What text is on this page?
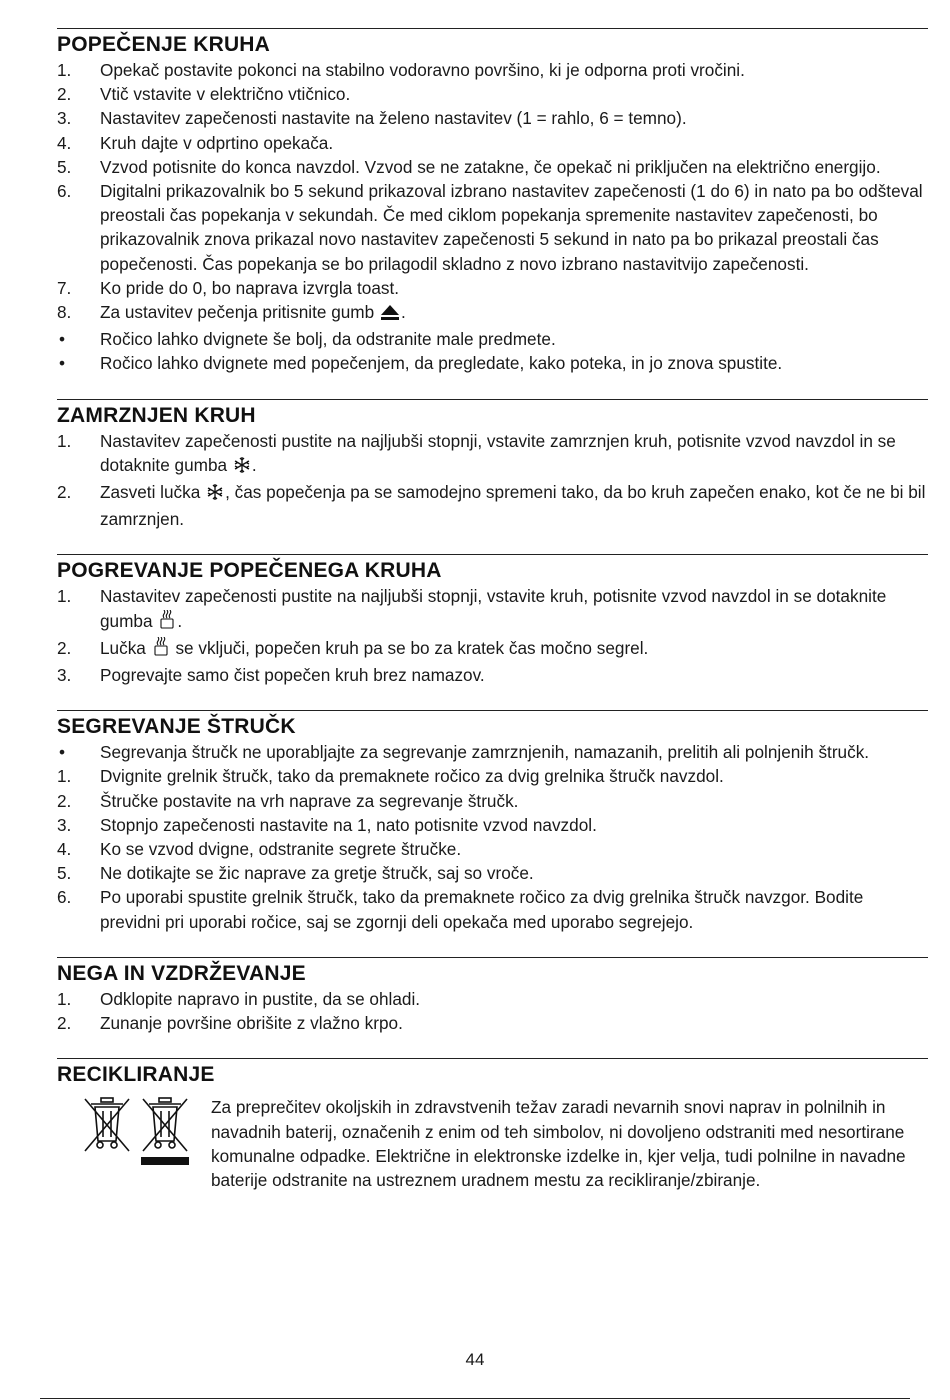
POPEČENJE KRUHA
1.	Opekač postavite pokonci na stabilno vodoravno površino, ki je odporna proti vročini.
2.	Vtič vstavite v električno vtičnico.
3.	Nastavitev zapečenosti nastavite na želeno nastavitev (1 = rahlo, 6 = temno).
4.	Kruh dajte v odprtino opekača.
5.	Vzvod potisnite do konca navzdol. Vzvod se ne zatakne, če opekač ni priključen na električno energijo.
6.	Digitalni prikazovalnik bo 5 sekund prikazoval izbrano nastavitev zapečenosti (1 do 6) in nato pa bo odšteval preostali čas popekanja v sekundah. Če med ciklom popekanja spremenite nastavitev zapečenosti, bo prikazovalnik znova prikazal novo nastavitev zapečenosti 5 sekund in nato pa bo prikazal preostali čas popečenosti. Čas popekanja se bo prilagodil skladno z novo izbrano nastavitvijo zapečenosti.
7.	Ko pride do 0, bo naprava izvrgla toast.
8.	Za ustavitev pečenja pritisnite gumb .
•	Ročico lahko dvignete še bolj, da odstranite male predmete.
•	Ročico lahko dvignete med popečenjem, da pregledate, kako poteka, in jo znova spustite.
ZAMRZNJEN KRUH
1.	Nastavitev zapečenosti pustite na najljubši stopnji, vstavite zamrznjen kruh, potisnite vzvod navzdol in se dotaknite gumba .
2.	Zasveti lučka , čas popečenja pa se samodejno spremeni tako, da bo kruh zapečen enako, kot če ne bi bil zamrznjen.
POGREVANJE POPEČENEGA KRUHA
1.	Nastavitev zapečenosti pustite na najljubši stopnji, vstavite kruh, potisnite vzvod navzdol in se dotaknite gumba .
2.	Lučka se vklјuči, popečen kruh pa se bo za kratek čas močno segrel.
3.	Pogrevajte samo čist popečen kruh brez namazov.
SEGREVANJE ŠTRUČK
•	Segrevanja štručk ne uporabljajte za segrevanje zamrznjenih, namazanih, prelitih ali polnjenih štručk.
1.	Dvignite grelnik štručk, tako da premaknete ročico za dvig grelnika štručk navzdol.
2.	Štručke postavite na vrh naprave za segrevanje štručk.
3.	Stopnjo zapečenosti nastavite na 1, nato potisnite vzvod navzdol.
4.	Ko se vzvod dvigne, odstranite segrete štručke.
5.	Ne dotikajte se žic naprave za gretje štručk, saj so vroče.
6.	Po uporabi spustite grelnik štručk, tako da premaknete ročico za dvig grelnika štručk navzgor. Bodite previdni pri uporabi ročice, saj se zgornji deli opekača med uporabo segrejejo.
NEGA IN VZDRŽEVANJE
1.	Odklopite napravo in pustite, da se ohladi.
2.	Zunanje površine obrišite z vlažno krpo.
RECIKLIRANJE
Za preprečitev okoljskih in zdravstvenih težav zaradi nevarnih snovi naprav in polnilnih in navadnih baterij, označenih z enim od teh simbolov, ni dovoljeno odstraniti med nesortirane komunalne odpadke. Električne in elektronske izdelke in, kjer velja, tudi polnilne in navadne baterije odstranite na ustreznem uradnem mestu za recikliranje/zbiranje.
44
